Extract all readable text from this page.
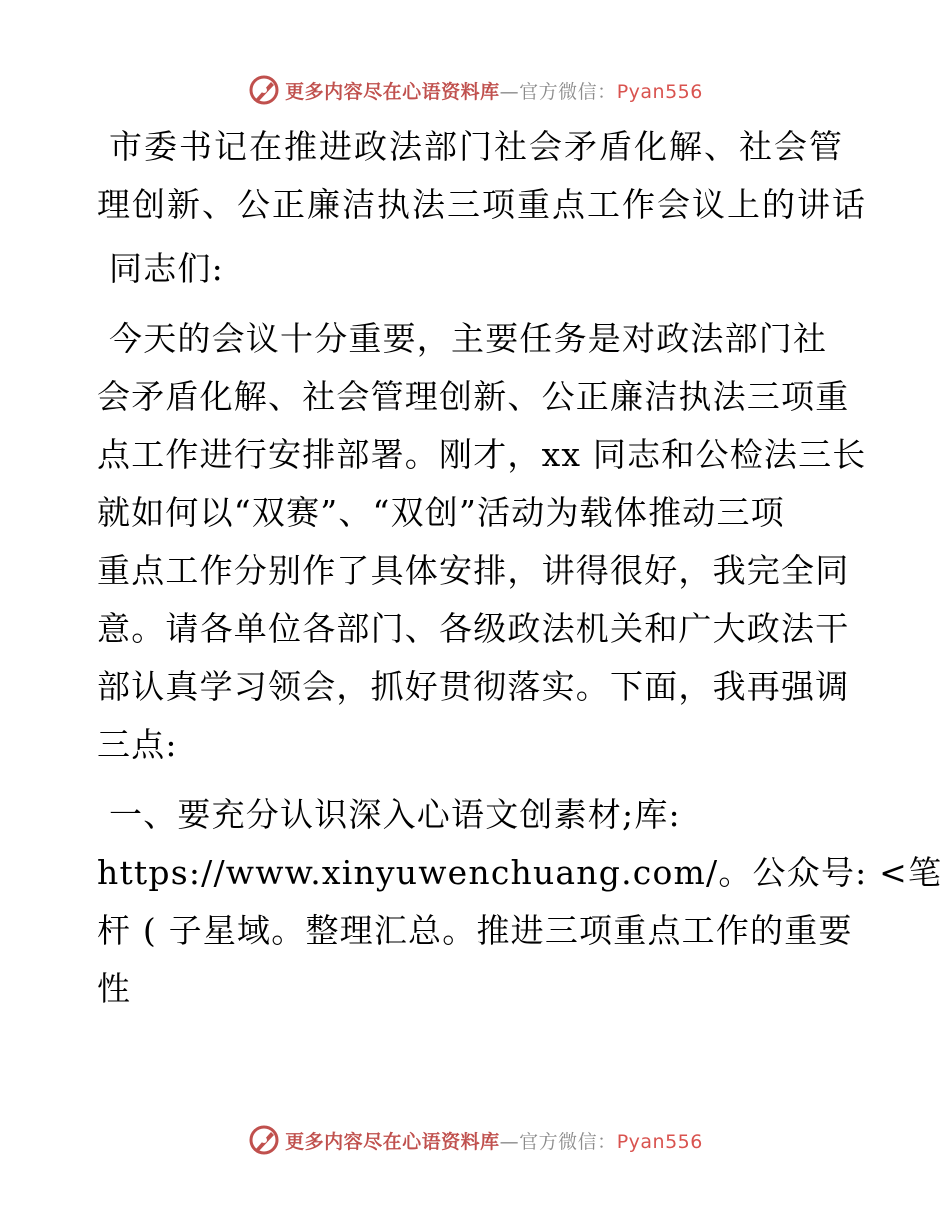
更多内容尽在心语资料库—官方微信：Pyan556
市委书记在推进政法部门社会矛盾化解、社会管
理创新、公正廉洁执法三项重点工作会议上的讲话
同志们:
今天的会议十分重要，主要任务是对政法部门社
会矛盾化解、社会管理创新、公正廉洁执法三项重
点工作进行安排部署。刚才，xx 同志和公检法三长
就如何以“双赛”、“双创”活动为载体推动三项
重点工作分别作了具体安排，讲得很好，我完全同
意。请各单位各部门、各级政法机关和广大政法干
部认真学习领会，抓好贯彻落实。下面，我再强调
三点:
一、要充分认识深入心语文创素材;库:
https://www.xinyuwenchuang.com/。公众号: <笔
杆 ( 子星域。整理汇总。推进三项重点工作的重要
性
更多内容尽在心语资料库—官方微信：Pyan556
